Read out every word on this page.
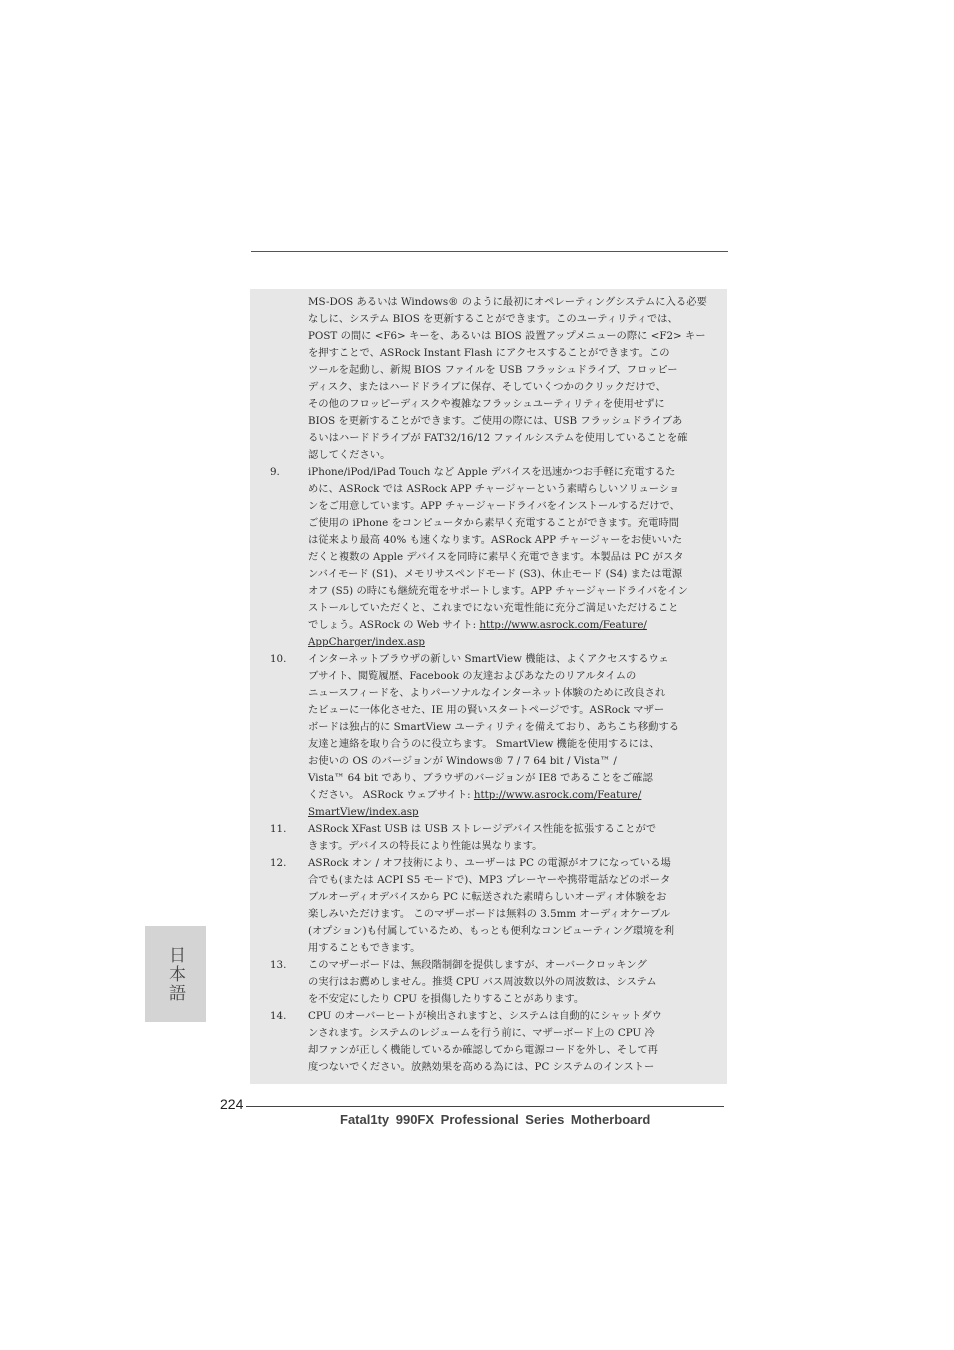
MS-DOS あるいは Windows® のように最初にオペレーティングシステムに入る必要
なしに、システム BIOS を更新することができます。このユーティリティでは、
POST の間に <F6> キーを、あるいは BIOS 設置アップメニューの際に <F2> キー
を押すことで、ASRock Instant Flash にアクセスすることができます。この
ツールを起動し、新規 BIOS ファイルを USB フラッシュドライブ、フロッピー
ディスク、またはハードドライブに保存、そしていくつかのクリックだけで、
その他のフロッピーディスクや複雑なフラッシュユーティリティを使用せずに
BIOS を更新することができます。ご使用の際には、USB フラッシュドライブあ
るいはハードドライブが FAT32/16/12 ファイルシステムを使用していることを確
認してください。
9.	iPhone/iPod/iPad Touch など Apple デバイスを迅速かつお手軽に充電するた
めに、ASRock では ASRock APP チャージャーという素晴らしいソリューショ
ンをご用意しています。APP チャージャードライバをインストールするだけで、
ご使用の iPhone をコンピュータから素早く充電することができます。充電時間
は従来より最高 40% も速くなります。ASRock APP チャージャーをお使いいた
だくと複数の Apple デバイスを同時に素早く充電できます。本製品は PC がスタ
ンバイモード (S1)、メモリサスペンドモード (S3)、休止モード (S4) または電源
オフ (S5) の時にも継続充電をサポートします。APP チャージャードライバをイン
ストールしていただくと、これまでにない充電性能に充分ご満足いただけること
でしょう。ASRock の Web サイト: http://www.asrock.com/Feature/
AppCharger/index.asp
10. インターネットブラウザの新しい SmartView 機能は、よくアクセスするウェ
ブサイト、閲覧履歴、Facebook の友達およびあなたのリアルタイムの
ニュースフィードを、よりパーソナルなインターネット体験のために改良され
たビューに一体化させた、IE 用の賢いスタートページです。ASRock マザー
ボードは独占的に SmartView ユーティリティを備えており、あちこち移動する
友達と連絡を取り合うのに役立ちます。 SmartView 機能を使用するには、
お使いの OS のバージョンが Windows® 7 / 7 64 bit / Vista™ /
Vista™ 64 bit であり、ブラウザのバージョンが IE8 であることをご確認
ください。 ASRock ウェブサイト: http://www.asrock.com/Feature/
SmartView/index.asp
11. ASRock XFast USB は USB ストレージデバイス性能を拡張することがで
きます。デバイスの特長により性能は異なります。
12. ASRock オン / オフ技術により、ユーザーは PC の電源がオフになっている場
合でも(または ACPI S5 モードで)、MP3 プレーヤーや携帯電話などのポータ
ブルオーディオデバイスから PC に転送された素晴らしいオーディオ体験をお
楽しみいただけます。 このマザーボードは無料の 3.5mm オーディオケーブル
(オプション)も付属しているため、もっとも便利なコンピューティング環境を利
用することもできます。
13. このマザーボードは、無段階制御を提供しますが、オーバークロッキング
の実行はお薦めしません。推奨 CPU バス周波数以外の周波数は、システム
を不安定にしたり CPU を損傷したりすることがあります。
14. CPU のオーバーヒートが検出されますと、システムは自動的にシャットダウ
ンされます。システムのレジュームを行う前に、マザーボード上の CPU 冷
却ファンが正しく機能しているか確認してから電源コードを外し、そして再
度つないでください。放熱効果を高める為には、PC システムのインストー
日本語
224
Fatal1ty 990FX Professional Series Motherboard
